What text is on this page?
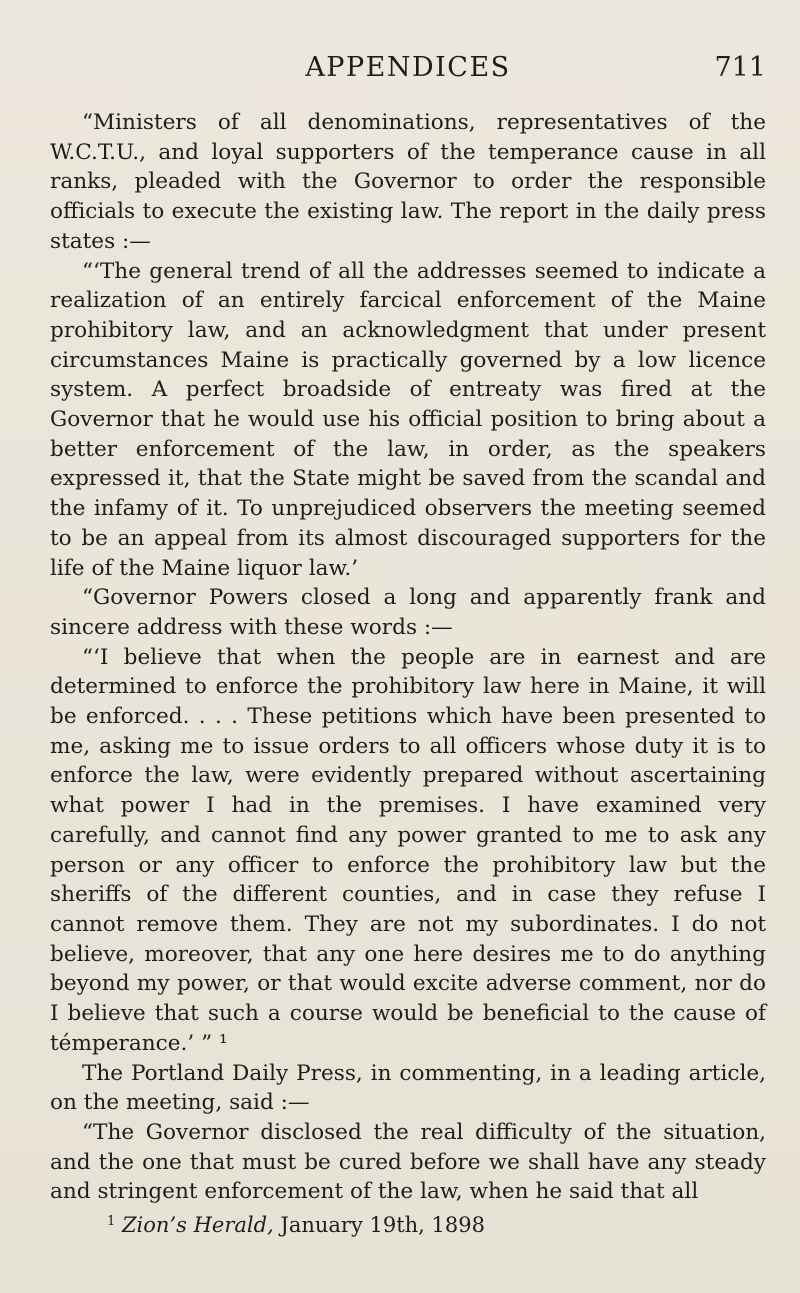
APPENDICES	711

“Ministers of all denominations, representatives of the W.C.T.U., and loyal supporters of the temperance cause in all ranks, pleaded with the Governor to order the responsible officials to execute the existing law. The report in the daily press states :—

“‘The general trend of all the addresses seemed to indicate a realization of an entirely farcical enforcement of the Maine prohibitory law, and an acknowledgment that under present circumstances Maine is practically governed by a low licence system. A perfect broadside of entreaty was fired at the Governor that he would use his official position to bring about a better enforcement of the law, in order, as the speakers expressed it, that the State might be saved from the scandal and the infamy of it. To unprejudiced observers the meeting seemed to be an appeal from its almost discouraged supporters for the life of the Maine liquor law.’

“Governor Powers closed a long and apparently frank and sincere address with these words :—

“‘I believe that when the people are in earnest and are determined to enforce the prohibitory law here in Maine, it will be enforced. . . . These petitions which have been presented to me, asking me to issue orders to all officers whose duty it is to enforce the law, were evidently prepared without ascertaining what power I had in the premises. I have examined very carefully, and cannot find any power granted to me to ask any person or any officer to enforce the prohibitory law but the sheriffs of the different counties, and in case they refuse I cannot remove them. They are not my subordinates. I do not believe, moreover, that any one here desires me to do anything beyond my power, or that would excite adverse comment, nor do I believe that such a course would be beneficial to the cause of témperance.’ ” ¹

The Portland Daily Press, in commenting, in a leading article, on the meeting, said :—

“The Governor disclosed the real difficulty of the situation, and the one that must be cured before we shall have any steady and stringent enforcement of the law, when he said that all

$^1$ Zion’s Herald, January 19th, 1898
